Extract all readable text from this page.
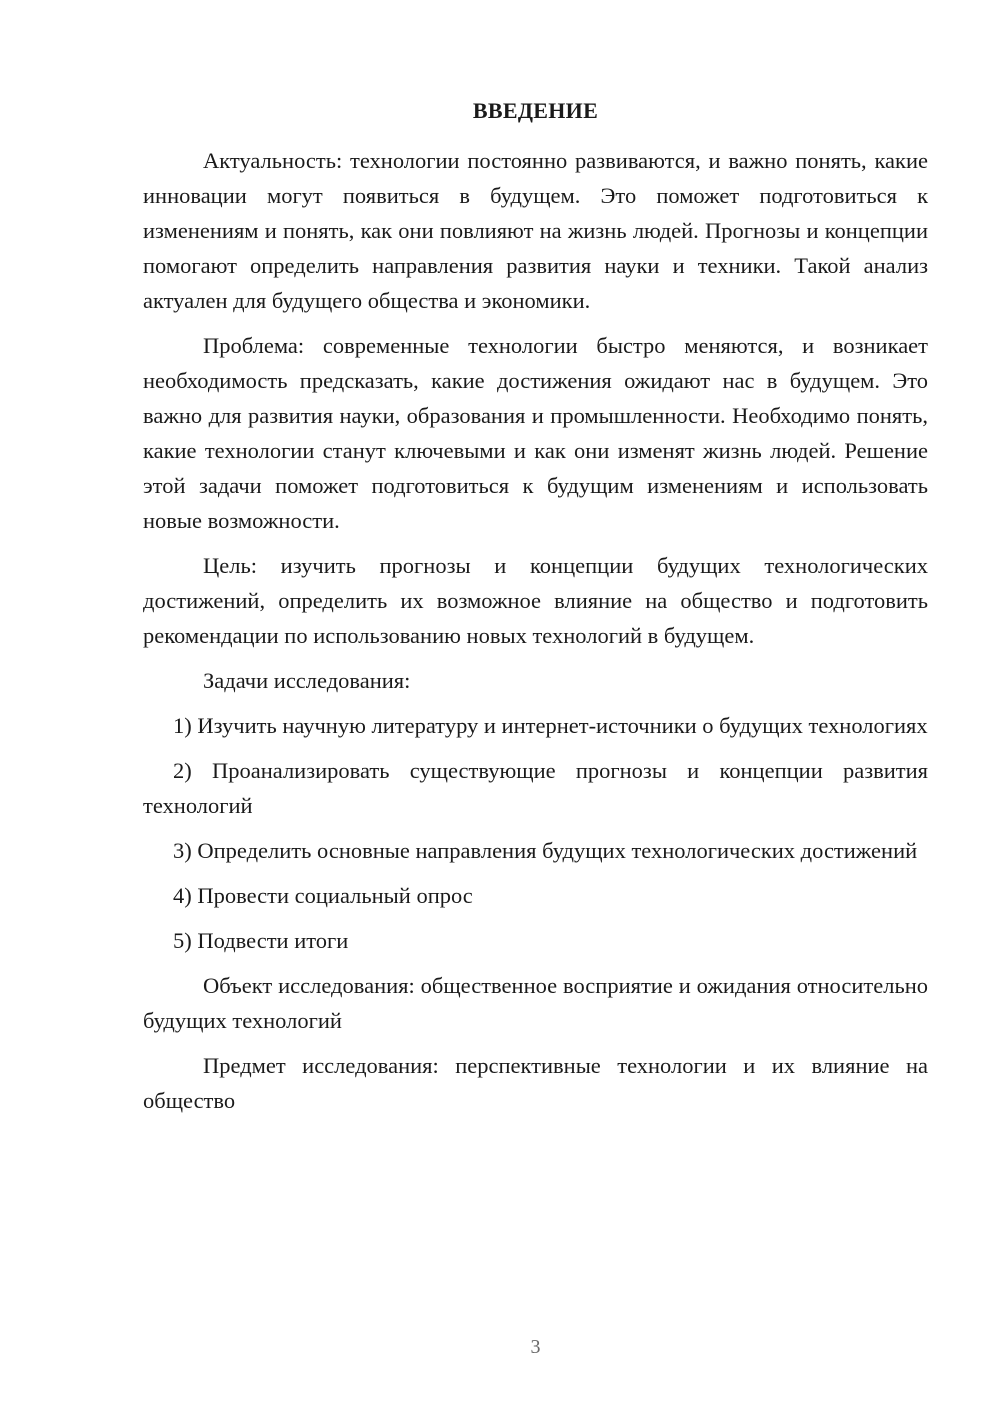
ВВЕДЕНИЕ

Актуальность: технологии постоянно развиваются, и важно понять, какие инновации могут появиться в будущем. Это поможет подготовиться к изменениям и понять, как они повлияют на жизнь людей. Прогнозы и концепции помогают определить направления развития науки и техники. Такой анализ актуален для будущего общества и экономики.

Проблема: современные технологии быстро меняются, и возникает необходимость предсказать, какие достижения ожидают нас в будущем. Это важно для развития науки, образования и промышленности. Необходимо понять, какие технологии станут ключевыми и как они изменят жизнь людей. Решение этой задачи поможет подготовиться к будущим изменениям и использовать новые возможности.

Цель: изучить прогнозы и концепции будущих технологических достижений, определить их возможное влияние на общество и подготовить рекомендации по использованию новых технологий в будущем.

Задачи исследования:

1) Изучить научную литературу и интернет-источники о будущих технологиях

2) Проанализировать существующие прогнозы и концепции развития технологий

3) Определить основные направления будущих технологических достижений

4) Провести социальный опрос

5) Подвести итоги

Объект исследования: общественное восприятие и ожидания относительно будущих технологий

Предмет исследования: перспективные технологии и их влияние на общество

3
